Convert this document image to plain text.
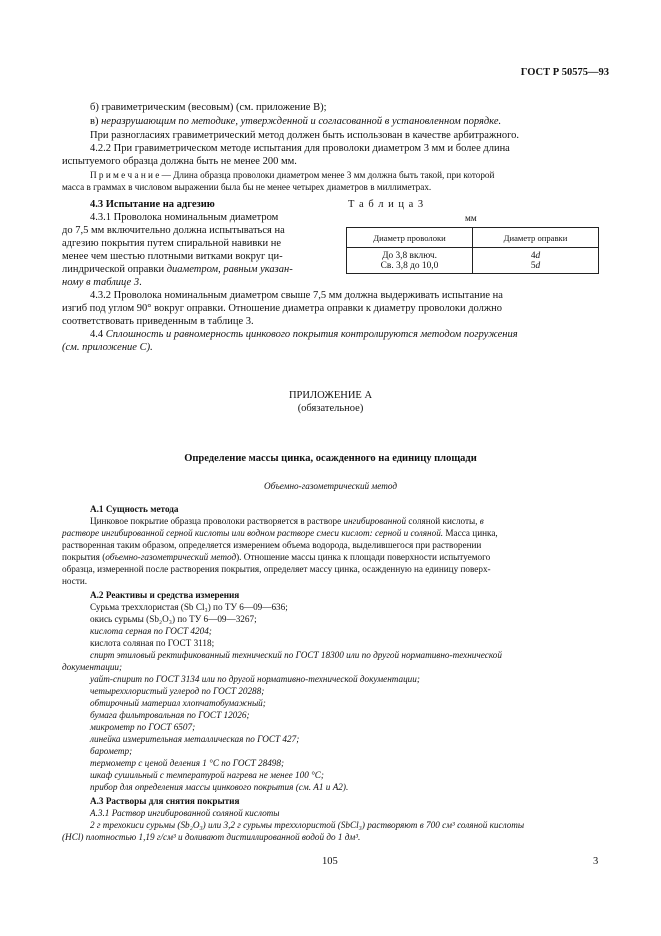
ГОСТ Р 50575—93
б) гравиметрическим (весовым) (см. приложение В);
в) неразрушающим по методике, утвержденной и согласованной в установленном порядке.
При разногласиях гравиметрический метод должен быть использован в качестве арбитражного.
4.2.2 При гравиметрическом методе испытания для проволоки диаметром 3 мм и более длина
испытуемого образца должна быть не менее 200 мм.
П р и м е ч а н и е — Длина образца проволоки диаметром менее 3 мм должна быть такой, при которой
масса в граммах в числовом выражении была бы не менее четырех диаметров в миллиметрах.
4.3 Испытание на адгезию
4.3.1 Проволока номинальным диаметром
до 7,5 мм включительно должна испытываться на
адгезию покрытия путем спиральной навивки не
менее чем шестью плотными витками вокруг ци-
линдрической оправки диаметром, равным указан-
ному в таблице 3.
Т а б л и ц а 3
мм
Диаметр проволоки	Диаметр оправки
До 3,8 включ.	4d
Св. 3,8 до 10,0	5d
4.3.2 Проволока номинальным диаметром свыше 7,5 мм должна выдерживать испытание на
изгиб под углом 90° вокруг оправки. Отношение диаметра оправки к диаметру проволоки должно
соответствовать приведенным в таблице 3.
4.4 Сплошность и равномерность цинкового покрытия контролируются методом погружения
(см. приложение С).
ПРИЛОЖЕНИЕ А
(обязательное)
Определение массы цинка, осажденного на единицу площади
Объемно-газометрический метод
А.1 Сущность метода
Цинковое покрытие образца проволоки растворяется в растворе ингибированной соляной кислоты, в
растворе ингибированной серной кислоты или водном растворе смеси кислот: серной и соляной. Масса цинка,
растворенная таким образом, определяется измерением объема водорода, выделившегося при растворении
покрытия (объемно-газометрический метод). Отношение массы цинка к площади поверхности испытуемого
образца, измеренной после растворения покрытия, определяет массу цинка, осажденную на единицу поверх-
ности.
А.2 Реактивы и средства измерения
Сурьма треххлористая (Sb Cl₃) по ТУ 6—09—636;
окись сурьмы (Sb₂O₃) по ТУ 6—09—3267;
кислота серная по ГОСТ 4204;
кислота соляная по ГОСТ 3118;
спирт этиловый ректификованный технический по ГОСТ 18300 или по другой нормативно-технической
документации;
уайт-спирит по ГОСТ 3134 или по другой нормативно-технической документации;
четыреххлористый углерод по ГОСТ 20288;
обтирочный материал хлопчатобумажный;
бумага фильтровальная по ГОСТ 12026;
микрометр по ГОСТ 6507;
линейка измерительная металлическая по ГОСТ 427;
барометр;
термометр с ценой деления 1 °С по ГОСТ 28498;
шкаф сушильный с температурой нагрева не менее 100 °С;
прибор для определения массы цинкового покрытия (см. А1 и А2).
А.3 Растворы для снятия покрытия
А.3.1 Раствор ингибированной соляной кислоты
2 г трехокиси сурьмы (Sb₂O₃) или 3,2 г сурьмы треххлористой (SbCl₃) растворяют в 700 см³ соляной кислоты
(HCl) плотностью 1,19 г/см³ и доливают дистиллированной водой до 1 дм³.
105	3
